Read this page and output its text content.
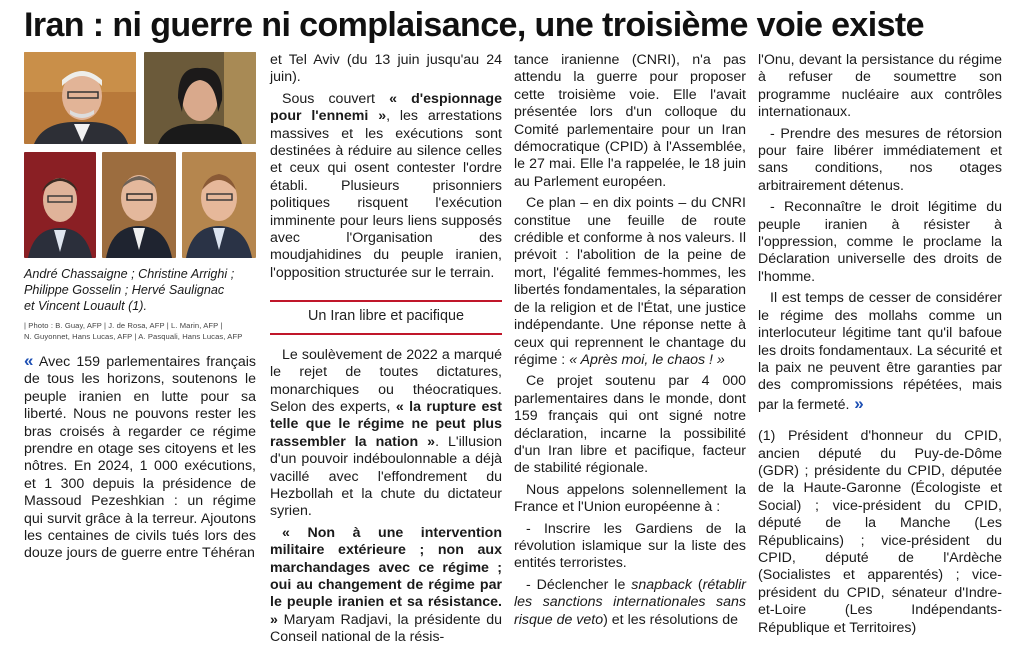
Iran : ni guerre ni complaisance, une troisième voie existe
André Chassaigne ; Christine Arrighi ;
Philippe Gosselin ; Hervé Saulignac
et Vincent Louault (1).
| Photo : B. Guay, AFP | J. de Rosa, AFP | L. Marin, AFP |
N. Guyonnet, Hans Lucas, AFP | A. Pasquali, Hans Lucas, AFP

« Avec 159 parlementaires français de tous les horizons, soutenons le peuple iranien en lutte pour sa liberté. Nous ne pouvons rester les bras croisés à regarder ce régime prendre en otage ses citoyens et les nôtres. En 2024, 1 000 exécutions, et 1 300 depuis la présidence de Massoud Pezeshkian : un régime qui survit grâce à la terreur. Ajoutons les centaines de civils tués lors des douze jours de guerre entre Téhéran

et Tel Aviv (du 13 juin jusqu'au 24 juin).

Sous couvert « d'espionnage pour l'ennemi », les arrestations massives et les exécutions sont destinées à réduire au silence celles et ceux qui osent contester l'ordre établi. Plusieurs prisonniers politiques risquent l'exécution imminente pour leurs liens supposés avec l'Organisation des moudjahidines du peuple iranien, l'opposition structurée sur le terrain.

Un Iran libre et pacifique

Le soulèvement de 2022 a marqué le rejet de toutes dictatures, monarchiques ou théocratiques. Selon des experts, « la rupture est telle que le régime ne peut plus rassembler la nation ». L'illusion d'un pouvoir indéboulonnable a déjà vacillé avec l'effondrement du Hezbollah et la chute du dictateur syrien.

« Non à une intervention militaire extérieure ; non aux marchandages avec ce régime ; oui au changement de régime par le peuple iranien et sa résistance. » Maryam Radjavi, la présidente du Conseil national de la résis-

tance iranienne (CNRI), n'a pas attendu la guerre pour proposer cette troisième voie. Elle l'avait présentée lors d'un colloque du Comité parlementaire pour un Iran démocratique (CPID) à l'Assemblée, le 27 mai. Elle l'a rappelée, le 18 juin au Parlement européen.

Ce plan – en dix points – du CNRI constitue une feuille de route crédible et conforme à nos valeurs. Il prévoit : l'abolition de la peine de mort, l'égalité femmes-hommes, les libertés fondamentales, la séparation de la religion et de l'État, une justice indépendante. Une réponse nette à ceux qui reprennent le chantage du régime : « Après moi, le chaos ! »

Ce projet soutenu par 4 000 parlementaires dans le monde, dont 159 français qui ont signé notre déclaration, incarne la possibilité d'un Iran libre et pacifique, facteur de stabilité régionale.

Nous appelons solennellement la France et l'Union européenne à :

- Inscrire les Gardiens de la révolution islamique sur la liste des entités terroristes.

- Déclencher le snapback (rétablir les sanctions internationales sans risque de veto) et les résolutions de

l'Onu, devant la persistance du régime à refuser de soumettre son programme nucléaire aux contrôles internationaux.

- Prendre des mesures de rétorsion pour faire libérer immédiatement et sans conditions, nos otages arbitrairement détenus.

- Reconnaître le droit légitime du peuple iranien à résister à l'oppression, comme le proclame la Déclaration universelle des droits de l'homme.

Il est temps de cesser de considérer le régime des mollahs comme un interlocuteur légitime tant qu'il bafoue les droits fondamentaux. La sécurité et la paix ne peuvent être garanties par des compromissions répétées, mais par la fermeté. »

(1) Président d'honneur du CPID, ancien député du Puy-de-Dôme (GDR) ; présidente du CPID, députée de la Haute-Garonne (Écologiste et Social) ; vice-président du CPID, député de la Manche (Les Républicains) ; vice-président du CPID, député de l'Ardèche (Socialistes et apparentés) ; vice-président du CPID, sénateur d'Indre-et-Loire (Les Indépendants-République et Territoires)
